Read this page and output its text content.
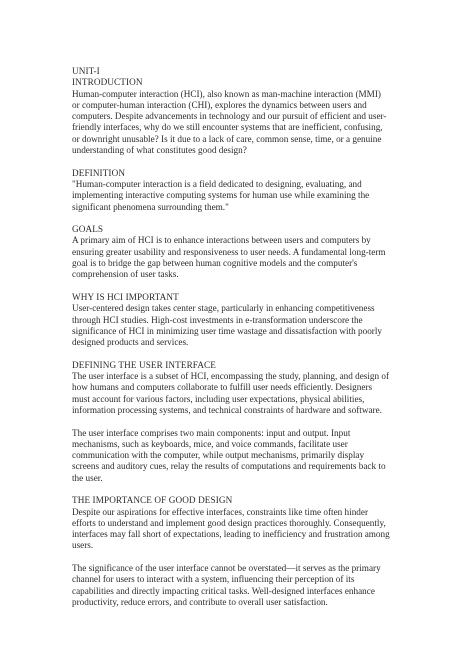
UNIT-I
INTRODUCTION
Human-computer interaction (HCI), also known as man-machine interaction (MMI)
or computer-human interaction (CHI), explores the dynamics between users and
computers. Despite advancements in technology and our pursuit of efficient and user-
friendly interfaces, why do we still encounter systems that are inefficient, confusing,
or downright unusable? Is it due to a lack of care, common sense, time, or a genuine
understanding of what constitutes good design?
DEFINITION
"Human-computer interaction is a field dedicated to designing, evaluating, and
implementing interactive computing systems for human use while examining the
significant phenomena surrounding them."
GOALS
A primary aim of HCI is to enhance interactions between users and computers by
ensuring greater usability and responsiveness to user needs. A fundamental long-term
goal is to bridge the gap between human cognitive models and the computer's
comprehension of user tasks.
WHY IS HCI IMPORTANT
User-centered design takes center stage, particularly in enhancing competitiveness
through HCI studies. High-cost investments in e-transformation underscore the
significance of HCI in minimizing user time wastage and dissatisfaction with poorly
designed products and services.
DEFINING THE USER INTERFACE
The user interface is a subset of HCI, encompassing the study, planning, and design of
how humans and computers collaborate to fulfill user needs efficiently. Designers
must account for various factors, including user expectations, physical abilities,
information processing systems, and technical constraints of hardware and software.
The user interface comprises two main components: input and output. Input
mechanisms, such as keyboards, mice, and voice commands, facilitate user
communication with the computer, while output mechanisms, primarily display
screens and auditory cues, relay the results of computations and requirements back to
the user.
THE IMPORTANCE OF GOOD DESIGN
Despite our aspirations for effective interfaces, constraints like time often hinder
efforts to understand and implement good design practices thoroughly. Consequently,
interfaces may fall short of expectations, leading to inefficiency and frustration among
users.
The significance of the user interface cannot be overstated—it serves as the primary
channel for users to interact with a system, influencing their perception of its
capabilities and directly impacting critical tasks. Well-designed interfaces enhance
productivity, reduce errors, and contribute to overall user satisfaction.
